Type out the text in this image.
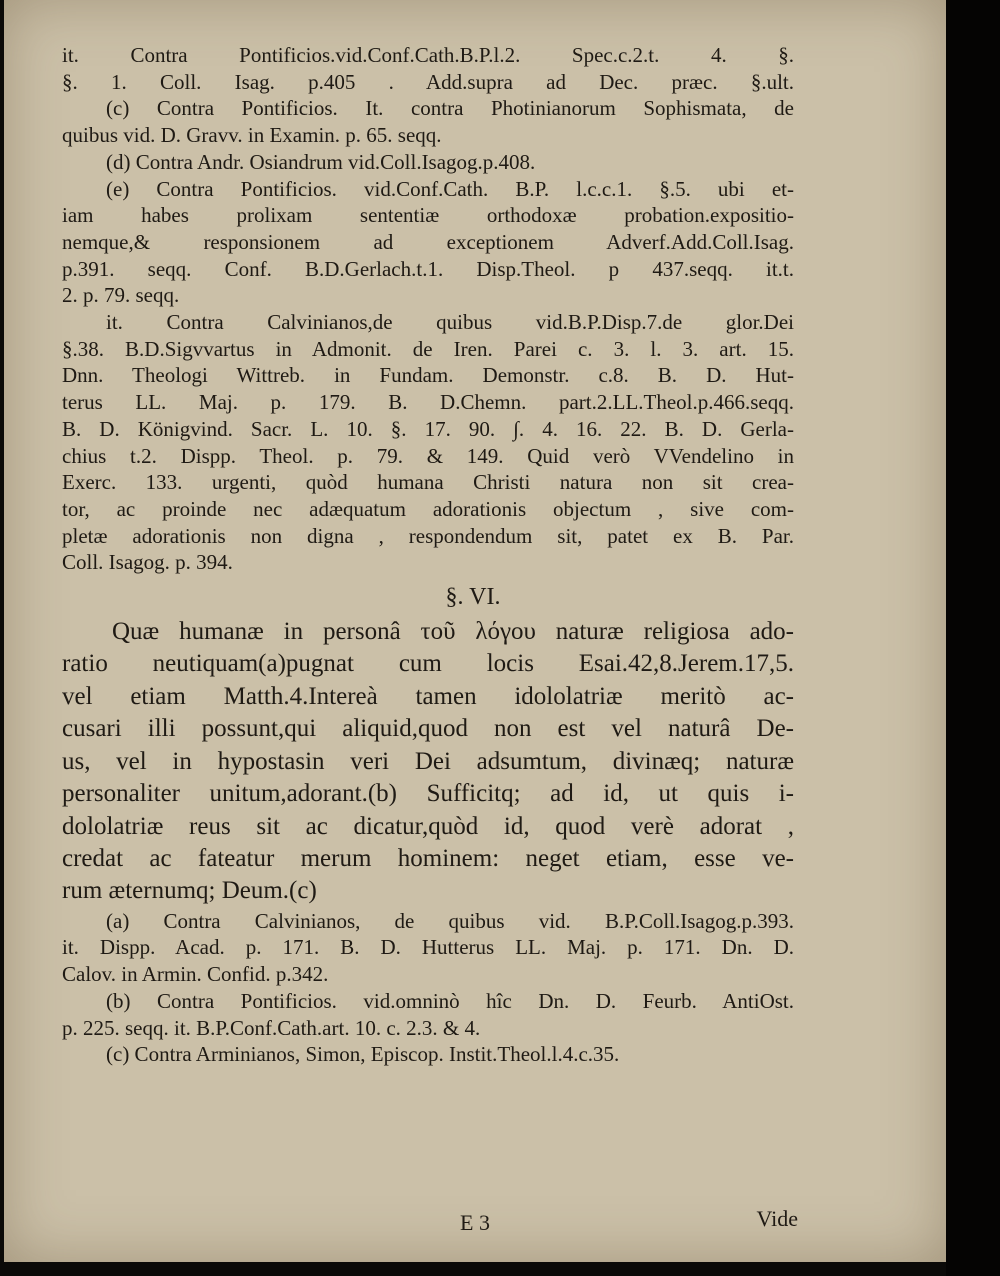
it. Contra Pontificios.vid.Conf.Cath.B.P.l.2. Spec.c.2.t. 4. §.
§. 1. Coll. Isag. p.405 . Add.supra ad Dec. præc. §.ult.
(c) Contra Pontificios. It. contra Photinianorum Sophismata, de
quibus vid. D. Gravv. in Examin. p. 65. seqq.
(d) Contra Andr. Osiandrum vid.Coll.Isagog.p.408.
(e) Contra Pontificios. vid.Conf.Cath. B.P. l.c.c.1. §.5. ubi et-
iam habes prolixam sententiæ orthodoxæ probation.expositio-
nemque,& responsionem ad exceptionem Adverf.Add.Coll.Isag.
p.391. seqq. Conf. B.D.Gerlach.t.1. Disp.Theol. p 437.seqq. it.t.
2. p. 79. seqq.
it. Contra Calvinianos,de quibus vid.B.P.Disp.7.de glor.Dei
§.38. B.D.Sigvvartus in Admonit. de Iren. Parei c. 3. l. 3. art. 15.
Dnn. Theologi Wittreb. in Fundam. Demonstr. c.8. B. D. Hut-
terus LL. Maj. p. 179. B. D.Chemn. part.2.LL.Theol.p.466.seqq.
B. D. Königvind. Sacr. L. 10. §. 17. 90. ∫. 4. 16. 22. B. D. Gerla-
chius t.2. Dispp. Theol. p. 79. & 149. Quid verò VVendelino in
Exerc. 133. urgenti, quòd humana Christi natura non sit crea-
tor, ac proinde nec adæquatum adorationis objectum , sive com-
pletæ adorationis non digna , respondendum sit, patet ex B. Par.
Coll. Isagog. p. 394.
§. VI.
Quæ humanæ in personâ τοῦ λόγου naturæ religiosa ado-
ratio neutiquam(a)pugnat cum locis Esai.42,8.Jerem.17,5.
vel etiam Matth.4.Intereà tamen idololatriæ meritò ac-
cusari illi possunt,qui aliquid,quod non est vel naturâ De-
us, vel in hypostasin veri Dei adsumtum, divinæq; naturæ
personaliter unitum,adorant.(b) Sufficitq; ad id, ut quis i-
dololatriæ reus sit ac dicatur,quòd id, quod verè adorat ,
credat ac fateatur merum hominem: neget etiam, esse ve-
rum æternumq; Deum.(c)
(a) Contra Calvinianos, de quibus vid. B.P.Coll.Isagog.p.393.
it. Dispp. Acad. p. 171. B. D. Hutterus LL. Maj. p. 171. Dn. D.
Calov. in Armin. Confid. p.342.
(b) Contra Pontificios. vid.omninò hîc Dn. D. Feurb. AntiOst.
p. 225. seqq. it. B.P.Conf.Cath.art. 10. c. 2.3. & 4.
(c) Contra Arminianos, Simon, Episcop. Instit.Theol.l.4.c.35.
E 3	Vide
